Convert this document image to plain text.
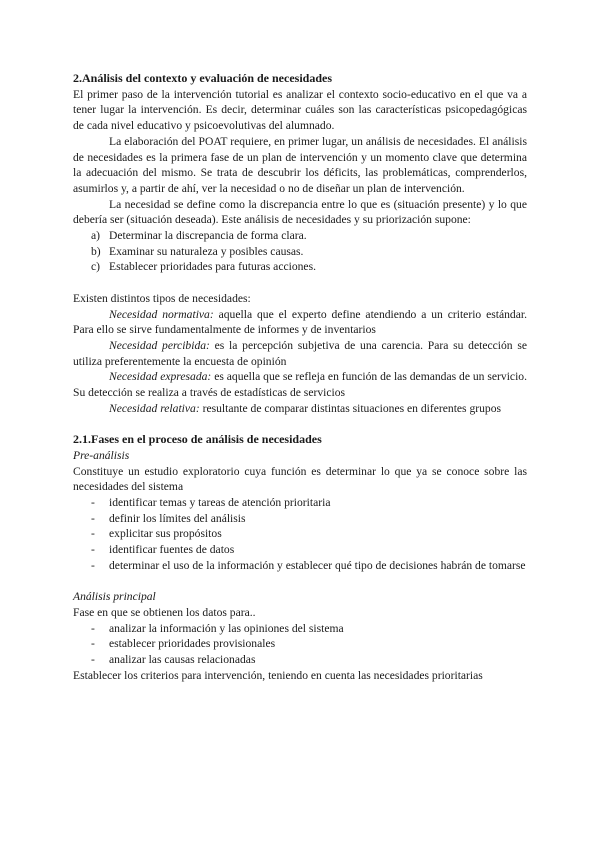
2.Análisis del contexto y evaluación de necesidades

El primer paso de la intervención tutorial es analizar el contexto socio-educativo en el que va a tener lugar la intervención. Es decir, determinar cuáles son las características psicopedagógicas de cada nivel educativo y psicoevolutivas del alumnado.

La elaboración del POAT requiere, en primer lugar, un análisis de necesidades. El análisis de necesidades es la primera fase de un plan de intervención y un momento clave que determina la adecuación del mismo. Se trata de descubrir los déficits, las problemáticas, comprenderlos, asumirlos y, a partir de ahí, ver la necesidad o no de diseñar un plan de intervención.

La necesidad se define como la discrepancia entre lo que es (situación presente) y lo que debería ser (situación deseada). Este análisis de necesidades y su priorización supone:

a) Determinar la discrepancia de forma clara.
b) Examinar su naturaleza y posibles causas.
c) Establecer prioridades para futuras acciones.

Existen distintos tipos de necesidades:

Necesidad normativa: aquella que el experto define atendiendo a un criterio estándar. Para ello se sirve fundamentalmente de informes y de inventarios

Necesidad percibida: es la percepción subjetiva de una carencia. Para su detección se utiliza preferentemente la encuesta de opinión

Necesidad expresada: es aquella que se refleja en función de las demandas de un servicio. Su detección se realiza a través de estadísticas de servicios

Necesidad relativa: resultante de comparar distintas situaciones en diferentes grupos

2.1.Fases en el proceso de análisis de necesidades

Pre-análisis

Constituye un estudio exploratorio cuya función es determinar lo que ya se conoce sobre las necesidades del sistema

-	identificar temas y tareas de atención prioritaria
-	definir los límites del análisis
-	explicitar sus propósitos
-	identificar fuentes de datos
-	determinar el uso de la información y establecer qué tipo de decisiones habrán de tomarse

Análisis principal

Fase en que se obtienen los datos para..

-	analizar la información y las opiniones del sistema
-	establecer prioridades provisionales
-	analizar las causas relacionadas

Establecer los criterios para intervención, teniendo en cuenta las necesidades prioritarias
